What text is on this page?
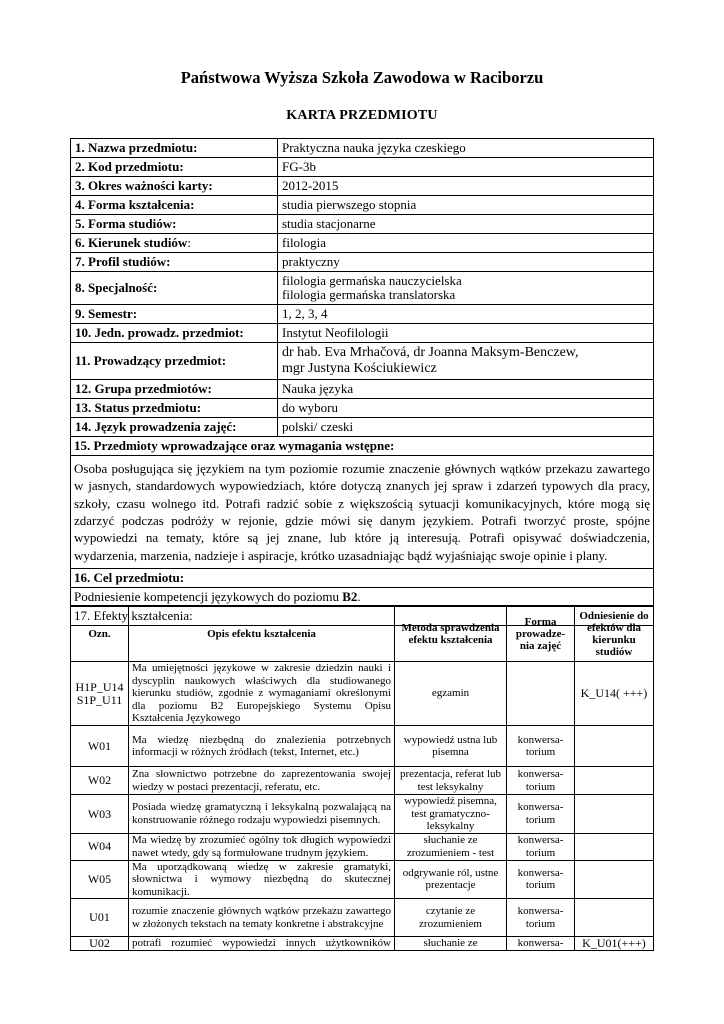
Państwowa Wyższa Szkoła Zawodowa w Raciborzu
KARTA PRZEDMIOTU
1. Nazwa przedmiotu:	Praktyczna nauka języka czeskiego
2. Kod przedmiotu:	FG-3b
3. Okres ważności karty:	2012-2015
4. Forma kształcenia:	studia pierwszego stopnia
5. Forma studiów:	studia stacjonarne
6. Kierunek studiów:	filologia
7. Profil studiów:	praktyczny
8. Specjalność:	filologia germańska nauczycielska
filologia germańska translatorska

9. Semestr:	1, 2, 3, 4
10. Jedn. prowadz. przedmiot:	Instytut Neofilologii
11. Prowadzący przedmiot:	dr hab. Eva Mrhačová, dr Joanna Maksym-Benczew,
mgr Justyna Kościukiewicz

12. Grupa przedmiotów:	Nauka języka
13. Status przedmiotu:	do wyboru
14. Język prowadzenia zajęć:	polski/ czeski
15. Przedmioty wprowadzające oraz wymagania wstępne:

Osoba posługująca się językiem na tym poziomie rozumie znaczenie głównych wątków przekazu zawartego
w jasnych, standardowych wypowiedziach, które dotyczą znanych jej spraw i zdarzeń typowych dla pracy,
szkoły, czasu wolnego itd. Potrafi radzić sobie z większością sytuacji komunikacyjnych, które mogą się
zdarzyć podczas podróży w rejonie, gdzie mówi się danym językiem. Potrafi tworzyć proste, spójne
wypowiedzi na tematy, które są jej znane, lub które ją interesują. Potrafi opisywać doświadczenia,
wydarzenia, marzenia, nadzieje i aspiracje, krótko uzasadniając bądź wyjaśniając swoje opinie i plany.

16. Cel przedmiotu:
Podniesienie kompetencji językowych do poziomu B2.
17. Efekty kształcenia:
Ozn.	Opis efektu kształcenia	Metoda sprawdzenia efektu kształcenia	Forma prowadze-nia zajęć	Odniesienie do efektów dla kierunku studiów
H1P_U14
S1P_U11	Ma umiejętności językowe w zakresie dziedzin nauki i dyscyplin naukowych właściwych dla studiowanego kierunku studiów, zgodnie z wymaganiami określonymi dla poziomu B2 Europejskiego Systemu Opisu Kształcenia Językowego	egzamin		K_U14( +++)
W01	Ma wiedzę niezbędną do znalezienia potrzebnych informacji w różnych źródłach (tekst, Internet, etc.)	wypowiedź ustna lub pisemna	konwersa-torium	
W02	Zna słownictwo potrzebne do zaprezentowania swojej wiedzy w postaci prezentacji, referatu, etc.	prezentacja, referat lub test leksykalny	konwersa-torium	
W03	Posiada wiedzę gramatyczną i leksykalną pozwalającą na konstruowanie różnego rodzaju wypowiedzi pisemnych.	wypowiedź pisemna, test gramatyczno-leksykalny	konwersa-torium	
W04	Ma wiedzę by zrozumieć ogólny tok długich wypowiedzi nawet wtedy, gdy są formułowane trudnym językiem.	słuchanie ze zrozumieniem - test	konwersa-torium	
W05	Ma uporządkowaną wiedzę w zakresie gramatyki, słownictwa i wymowy niezbędną do skutecznej komunikacji.	odgrywanie ról, ustne prezentacje	konwersa-torium	
U01	rozumie znaczenie głównych wątków przekazu zawartego w złożonych tekstach na tematy konkretne i abstrakcyjne	czytanie ze zrozumieniem	konwersa-torium	
U02	potrafi rozumieć wypowiedzi innych użytkowników	słuchanie ze	konwersa-	K_U01(+++)
